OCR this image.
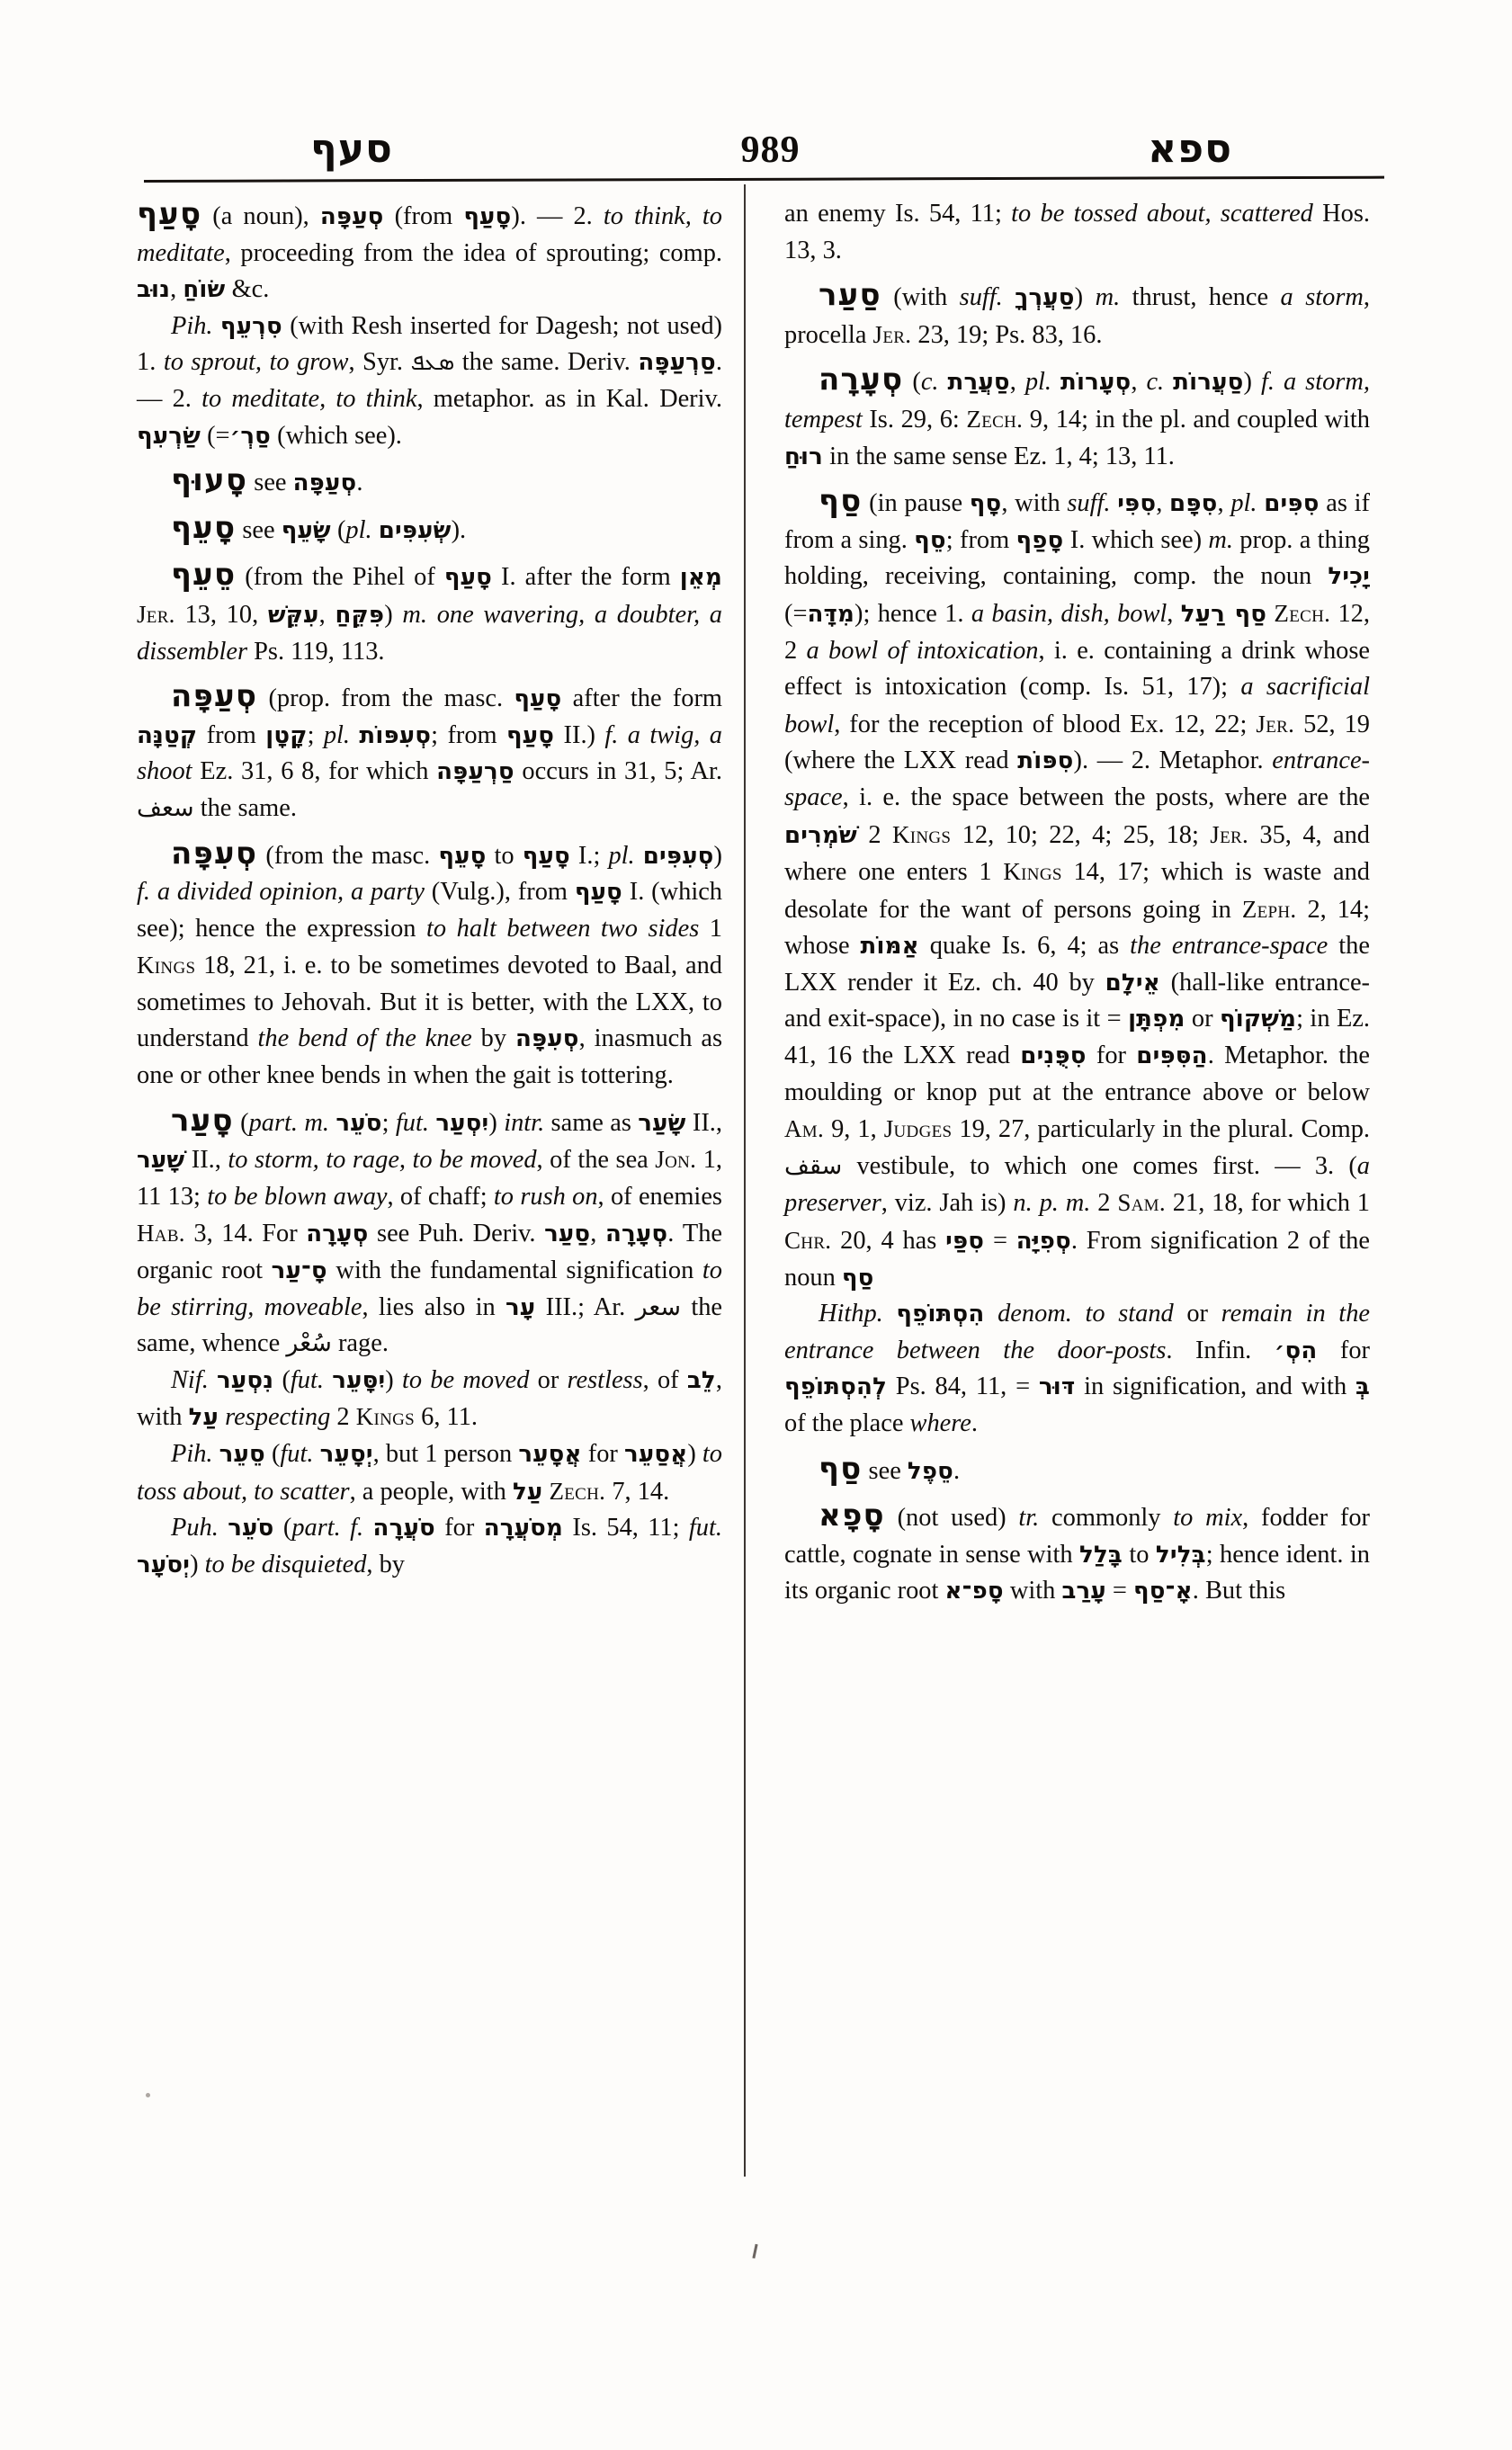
סעף	989	ספא

סָעַף (a noun), סְעַפָּה (from סָעַף). — 2. to think, to meditate, proceeding from the idea of sprouting; comp. נוּב, שׂוֹחַ &c.

Pih. סִרְעֵף (with Resh inserted for Dagesh; not used) 1. to sprout, to grow, Syr. ܣܥܦ the same. Deriv. סַרְעַפָּה. — 2. to meditate, to think, metaphor. as in Kal. Deriv. שַׂרְעִף (=סַרְ׳ (which see).

סָעוּף see סְעַפָּה.

סָעֵף see שָׂעֵף (pl. שְׂעִפִּים).

סֵעֵף (from the Pihel of סָעַף I. after the form מְאֵן Jer. 13, 10, עִקֵּשׁ, פִּקֵּחַ) m. one wavering, a doubter, a dissembler Ps. 119, 113.

סְעַפָּה (prop. from the masc. סָעַף after the form קְטַנָּה from קָטָן; pl. סְעִפּוֹת; from סָעַף II.) f. a twig, a shoot Ez. 31, 6 8, for which סַרְעַפָּה occurs in 31, 5; Ar. سعف the same.

סְעִפָּה (from the masc. סָעֵף to סָעַף I.; pl. סְעִפִּים) f. a divided opinion, a party (Vulg.), from סָעַף I. (which see); hence the expression to halt between two sides 1 Kings 18, 21, i. e. to be sometimes devoted to Baal, and sometimes to Jehovah. But it is better, with the LXX, to understand the bend of the knee by סְעִפָּה, inasmuch as one or other knee bends in when the gait is tottering.

סָעַר (part. m. סֹעֵר; fut. יִסְעַר) intr. same as שָׂעַר II., שָׁעַר II., to storm, to rage, to be moved, of the sea Jon. 1, 11 13; to be blown away, of chaff; to rush on, of enemies Hab. 3, 14. For סְעָרָה see Puh. Deriv. סַעַר, סְעָרָה. The organic root סָ־עַר with the fundamental signification to be stirring, moveable, lies also in עָר III.; Ar. سعر the same, whence سُعْر rage.

Nif. נִסְעַר (fut. יִסָּעֵר) to be moved or restless, of לֵב, with עַל respecting 2 Kings 6, 11.

Pih. סֵעֵר (fut. יְסָעֵר, but 1 person אֲסָעֵר for אֲסַעֵר) to toss about, to scatter, a people, with עַל Zech. 7, 14.

Puh. סֹעֵר (part. f. סֹעֲרָה for מְסֹעֲרָה Is. 54, 11; fut. יְסֹעָר) to be disquieted, by

an enemy Is. 54, 11; to be tossed about, scattered Hos. 13, 3.

סַעַר (with suff. סַעֲרְךָ) m. thrust, hence a storm, procella Jer. 23, 19; Ps. 83, 16.

סְעָרָה (c. סַעֲרַת, pl. סְעָרוֹת, c. סַעֲרוֹת) f. a storm, tempest Is. 29, 6: Zech. 9, 14; in the pl. and coupled with רוּחַ in the same sense Ez. 1, 4; 13, 11.

סַף (in pause סָף, with suff. סִפִּי, סִפָּם, pl. סִפִּים as if from a sing. סֵף; from סָפַף I. which see) m. prop. a thing holding, receiving, containing, comp. the noun יָכִיל (=מִדָּה); hence 1. a basin, dish, bowl, סַף רַעַל Zech. 12, 2 a bowl of intoxication, i. e. containing a drink whose effect is intoxication (comp. Is. 51, 17); a sacrificial bowl, for the reception of blood Ex. 12, 22; Jer. 52, 19 (where the LXX read סִפּוֹת). — 2. Metaphor. entrance-space, i. e. the space between the posts, where are the שֹׁמְרִים 2 Kings 12, 10; 22, 4; 25, 18; Jer. 35, 4, and where one enters 1 Kings 14, 17; which is waste and desolate for the want of persons going in Zeph. 2, 14; whose אַמּוֹת quake Is. 6, 4; as the entrance-space the LXX render it Ez. ch. 40 by אֵילָם (hall-like entrance- and exit-space), in no case is it = מִפְתָּן or מַשְׁקוֹף; in Ez. 41, 16 the LXX read סִפֻּנִים for הַסִּפִּים. Metaphor. the moulding or knop put at the entrance above or below Am. 9, 1, Judges 19, 27, particularly in the plural. Comp. سقف vestibule, to which one comes first. — 3. (a preserver, viz. Jah is) n. p. m. 2 Sam. 21, 18, for which 1 Chr. 20, 4 has סִפַּי = סְפִיָּה. From signification 2 of the noun סַף

Hithp. הִסְתּוֹפֵף denom. to stand or remain in the entrance between the door-posts. Infin. הִסְ׳ for לְהִסְתּוֹפֵף Ps. 84, 11, = דּוּר in signification, and with בְּ of the place where.

סַף see סֵפֶל.

סָפָא (not used) tr. commonly to mix, fodder for cattle, cognate in sense with בָּלַל to בְּלִיל; hence ident. in its organic root סָפ־א with עָרַב = אָ־סַף. But this
